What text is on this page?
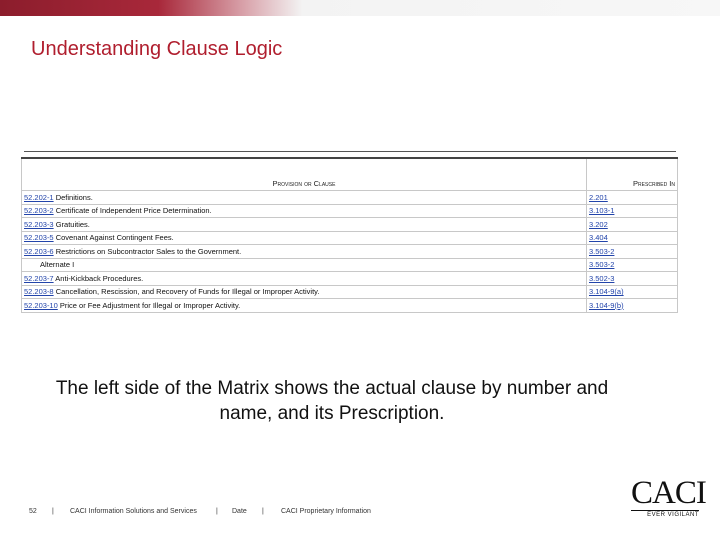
Understanding Clause Logic
Provision or Clause	Prescribed In
52.202-1 Definitions.	2.201
52.203-2 Certificate of Independent Price Determination.	3.103-1
52.203-3 Gratuities.	3.202
52.203-5 Covenant Against Contingent Fees.	3.404
52.203-6 Restrictions on Subcontractor Sales to the Government.	3.503-2
Alternate I	3.503-2
52.203-7 Anti-Kickback Procedures.	3.502-3
52.203-8 Cancellation, Rescission, and Recovery of Funds for Illegal or Improper Activity.	3.104-9(a)
52.203-10 Price or Fee Adjustment for Illegal or Improper Activity.	3.104-9(b)
The left side of the Matrix shows the actual clause by number and name, and its Prescription.
52 | CACI Information Solutions and Services	| Date | CACI Proprietary Information
CACI
EVER VIGILANT
